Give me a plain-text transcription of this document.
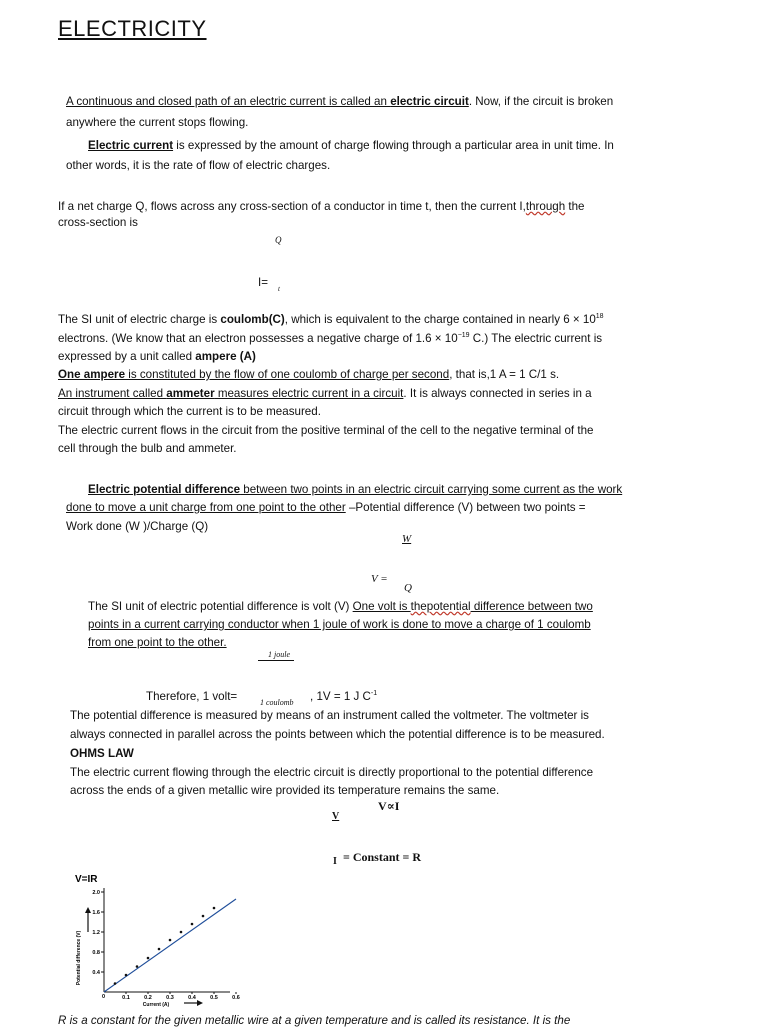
ELECTRICITY
A continuous and closed path of an electric current is called an electric circuit. Now, if the circuit is broken
anywhere the current stops flowing.
Electric current is expressed by the amount of charge flowing through a particular area in unit time. In
other words, it is the rate of flow of electric charges.
If a net charge Q, flows across any cross-section of a conductor in time t, then the current I,through the
cross-section is
Q
I= t
The SI unit of electric charge is coulomb(C), which is equivalent to the charge contained in nearly $6 \times 10^{18}$
electrons. (We know that an electron possesses a negative charge of $1.6 \times 10^{-19}$ C.) The electric current is
expressed by a unit called ampere (A)
One ampere is constituted by the flow of one coulomb of charge per second, that is,1 A = 1 C/1 s.
An instrument called ammeter measures electric current in a circuit. It is always connected in series in a
circuit through which the current is to be measured.
The electric current flows in the circuit from the positive terminal of the cell to the negative terminal of the
cell through the bulb and ammeter.
Electric potential difference between two points in an electric circuit carrying some current as the work
done to move a unit charge from one point to the other –Potential difference (V) between two points =
Work done (W )/Charge (Q)
W
V =
Q
The SI unit of electric potential difference is volt (V) One volt is thepotential difference between two
points in a current carrying conductor when 1 joule of work is done to move a charge of 1 coulomb
from one point to the other.
1 joule
Therefore, 1 volt=	1 coulomb , 1V = 1 J $C^{-1}$
The potential difference is measured by means of an instrument called the voltmeter. The voltmeter is
always connected in parallel across the points between which the potential difference is to be measured.
OHMS LAW
The electric current flowing through the electric circuit is directly proportional to the potential difference
across the ends of a given metallic wire provided its temperature remains the same.
V∝I
V
I = Constant = R
V=IR
Potential difference (V)
Current (A)
0.4
0.8
1.2
1.6
2.0
0	0.1	0.2	0.3	0.4	0.5	0.6
R is a constant for the given metallic wire at a given temperature and is called its resistance. It is the
